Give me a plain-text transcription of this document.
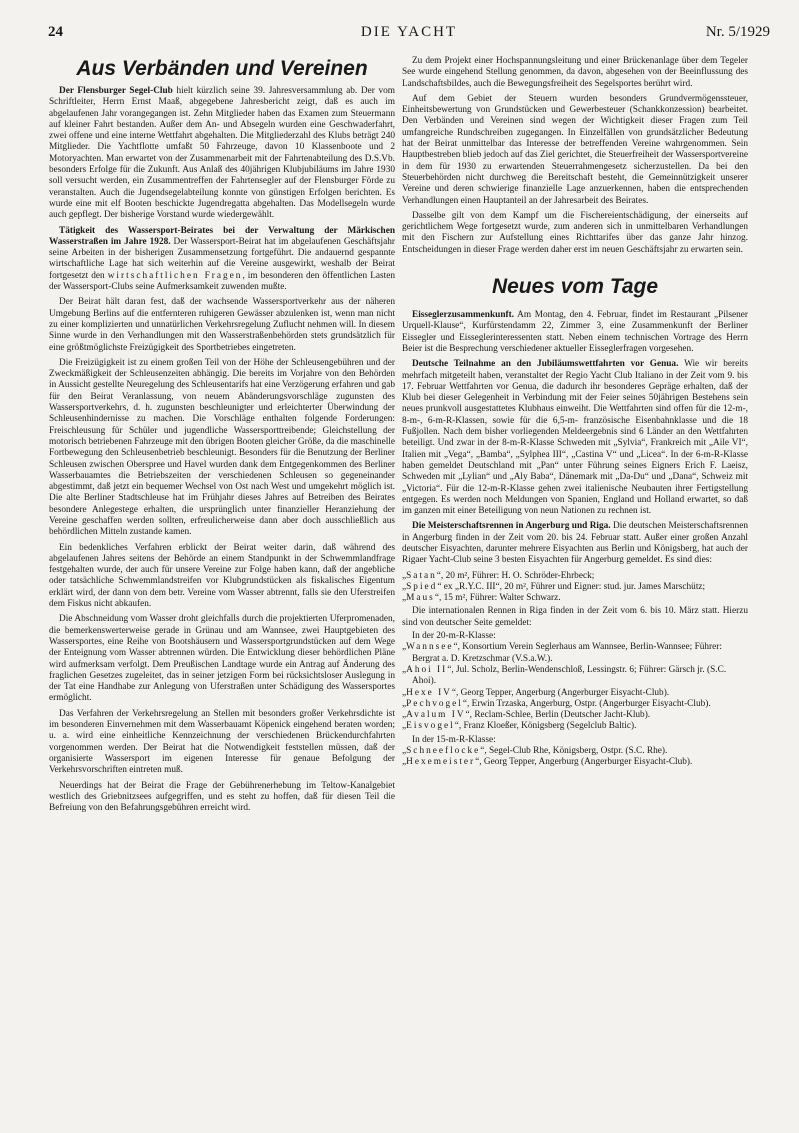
24	DIE YACHT	Nr. 5/1929
Aus Verbänden und Vereinen

Der Flensburger Segel-Club hielt kürzlich seine 39. Jahresversammlung ab. Der vom Schriftleiter, Herrn Ernst Maaß, abgegebene Jahresbericht zeigt, daß es auch im abgelaufenen Jahr vorangegangen ist. Zehn Mitglieder haben das Examen zum Steuermann auf kleiner Fahrt bestanden. Außer dem An- und Absegeln wurden eine Geschwaderfahrt, zwei offene und eine interne Wettfahrt abgehalten. Die Mitgliederzahl des Klubs beträgt 240 Mitglieder. Die Yachtflotte umfaßt 50 Fahrzeuge, davon 10 Klassenboote und 2 Motoryachten. Man erwartet von der Zusammenarbeit mit der Fahrtenabteilung des D.S.Vb. besonders Erfolge für die Zukunft. Aus Anlaß des 40jährigen Klubjubiläums im Jahre 1930 soll versucht werden, ein Zusammentreffen der Fahrtensegler auf der Flensburger Förde zu veranstalten. Auch die Jugendsegelabteilung konnte von günstigen Erfolgen berichten. Es wurde eine mit elf Booten beschickte Jugendregatta abgehalten. Das Modellsegeln wurde auch gepflegt. Der bisherige Vorstand wurde wiedergewählt.

Tätigkeit des Wassersport-Beirates bei der Verwaltung der Märkischen Wasserstraßen im Jahre 1928. Der Wassersport-Beirat hat im abgelaufenen Geschäftsjahr seine Arbeiten in der bisherigen Zusammensetzung fortgeführt. Die andauernd gespannte wirtschaftliche Lage hat sich weiterhin auf die Vereine ausgewirkt, weshalb der Beirat fortgesetzt den wirtschaftlichen Fragen, im besonderen den öffentlichen Lasten der Wassersport-Clubs seine Aufmerksamkeit zuwenden mußte.

Der Beirat hält daran fest, daß der wachsende Wassersportverkehr aus der näheren Umgebung Berlins auf die entfernteren ruhigeren Gewässer abzulenken ist, wenn man nicht zu einer komplizierten und unnatürlichen Verkehrsregelung Zuflucht nehmen will. In diesem Sinne wurde in den Verhandlungen mit den Wasserstraßenbehörden stets grundsätzlich für eine größtmöglichste Freizügigkeit des Sportbetriebes eingetreten.

Die Freizügigkeit ist zu einem großen Teil von der Höhe der Schleusengebühren und der Zweckmäßigkeit der Schleusenzeiten abhängig. Die bereits im Vorjahre von den Behörden in Aussicht gestellte Neuregelung des Schleusentarifs hat eine Verzögerung erfahren und gab für den Beirat Veranlassung, von neuem Abänderungsvorschläge zugunsten des Wassersportverkehrs, d. h. zugunsten beschleunigter und erleichterter Überwindung der Schleusenhindernisse zu machen. Die Vorschläge enthalten folgende Forderungen: Freischleusung für Schüler und jugendliche Wassersporttreibende; Gleichstellung der motorisch betriebenen Fahrzeuge mit den übrigen Booten gleicher Größe, da die maschinelle Fortbewegung den Schleusenbetrieb beschleunigt. Besonders für die Benutzung der Berliner Schleusen zwischen Oberspree und Havel wurden dank dem Entgegenkommen des Berliner Wasserbauamtes die Betriebszeiten der verschiedenen Schleusen so gegeneinander abgestimmt, daß jetzt ein bequemer Wechsel von Ost nach West und umgekehrt möglich ist. Die alte Berliner Stadtschleuse hat im Frühjahr dieses Jahres auf Betreiben des Beirates besondere Anlegestege erhalten, die ursprünglich unter finanzieller Heranziehung der Vereine geschaffen werden sollten, erfreulicherweise dann aber doch ausschließlich aus behördlichen Mitteln zustande kamen.

Ein bedenkliches Verfahren erblickt der Beirat weiter darin, daß während des abgelaufenen Jahres seitens der Behörde an einem Standpunkt in der Schwemmlandfrage festgehalten wurde, der auch für unsere Vereine zur Folge haben kann, daß der angebliche oder tatsächliche Schwemmlandstreifen vor Klubgrundstücken als fiskalisches Eigentum erklärt wird, der dann von dem betr. Vereine vom Wasser abtrennt, falls sie den Uferstreifen dem Fiskus nicht abkaufen.

Die Abschneidung vom Wasser droht gleichfalls durch die projektierten Uferpromenaden, die bemerkenswerterweise gerade in Grünau und am Wannsee, zwei Hauptgebieten des Wassersportes, eine Reihe von Bootshäusern und Wassersportgrundstücken auf dem Wege der Enteignung vom Wasser abtrennen würden. Die Entwicklung dieser behördlichen Pläne wird aufmerksam verfolgt. Dem Preußischen Landtage wurde ein Antrag auf Änderung des fraglichen Gesetzes zugeleitet, das in seiner jetzigen Form bei rücksichtsloser Auslegung in der Tat eine Handhabe zur Anlegung von Uferstraßen unter Schädigung des Wassersportes ermöglicht.

Das Verfahren der Verkehrsregelung an Stellen mit besonders großer Verkehrsdichte ist im besonderen Einvernehmen mit dem Wasserbauamt Köpenick eingehend beraten worden; u. a. wird eine einheitliche Kennzeichnung der verschiedenen Brückendurchfahrten vorgenommen werden. Der Beirat hat die Notwendigkeit feststellen müssen, daß der organisierte Wassersport im eigenen Interesse für genaue Befolgung der Verkehrsvorschriften eintreten muß.

Neuerdings hat der Beirat die Frage der Gebührenerhebung im Teltow-Kanalgebiet westlich des Griebnitzsees aufgegriffen, und es steht zu hoffen, daß für diesen Teil die Befreiung von den Befahrungsgebühren erreicht wird.

Zu dem Projekt einer Hochspannungsleitung und einer Brückenanlage über dem Tegeler See wurde eingehend Stellung genommen, da davon, abgesehen von der Beeinflussung des Landschaftsbildes, auch die Bewegungsfreiheit des Segelsportes berührt wird.

Auf dem Gebiet der Steuern wurden besonders Grundvermögenssteuer, Einheitsbewertung von Grundstücken und Gewerbesteuer (Schankkonzession) bearbeitet. Den Verbänden und Vereinen sind wegen der Wichtigkeit dieser Fragen zum Teil umfangreiche Rundschreiben zugegangen. In Einzelfällen von grundsätzlicher Bedeutung hat der Beirat unmittelbar das Interesse der betreffenden Vereine wahrgenommen. Sein Hauptbestreben blieb jedoch auf das Ziel gerichtet, die Steuerfreiheit der Wassersportvereine in dem für 1930 zu erwartenden Steuerrahmengesetz sicherzustellen. Da bei den Steuerbehörden nicht durchweg die Bereitschaft besteht, die Gemeinnützigkeit unserer Vereine und deren schwierige finanzielle Lage anzuerkennen, haben die entsprechenden Verhandlungen einen Hauptanteil an der Jahresarbeit des Beirates.

Dasselbe gilt von dem Kampf um die Fischereientschädigung, der einerseits auf gerichtlichem Wege fortgesetzt wurde, zum anderen sich in unmittelbaren Verhandlungen mit den Fischern zur Aufstellung eines Richttarifes über das ganze Jahr hinzog. Entscheidungen in dieser Frage werden daher erst im neuen Geschäftsjahr zu erwarten sein.

Neues vom Tage

Eisseglerzusammenkunft. Am Montag, den 4. Februar, findet im Restaurant „Pilsener Urquell-Klause“, Kurfürstendamm 22, Zimmer 3, eine Zusammenkunft der Berliner Eissegler und Eisseglerinteressenten statt. Neben einem technischen Vortrage des Herrn Beier ist die Besprechung verschiedener aktueller Eisseglerfragen vorgesehen.

Deutsche Teilnahme an den Jubiläumswettfahrten vor Genua. Wie wir bereits mehrfach mitgeteilt haben, veranstaltet der Regio Yacht Club Italiano in der Zeit vom 9. bis 17. Februar Wettfahrten vor Genua, die dadurch ihr besonderes Gepräge erhalten, daß der Klub bei dieser Gelegenheit in Verbindung mit der Feier seines 50jährigen Bestehens sein neues prunkvoll ausgestattetes Klubhaus einweiht. Die Wettfahrten sind offen für die 12-m-, 8-m-, 6-m-R-Klassen, sowie für die 6,5-m- französische Eisenbahnklasse und die 18 Fußjollen. Nach dem bisher vorliegenden Meldeergebnis sind 6 Länder an den Wettfahrten beteiligt. Und zwar in der 8-m-R-Klasse Schweden mit „Sylvia“, Frankreich mit „Aile VI“, Italien mit „Vega“, „Bamba“, „Sylphea III“, „Castina V“ und „Licea“. In der 6-m-R-Klasse haben gemeldet Deutschland mit „Pan“ unter Führung seines Eigners Erich F. Laeisz, Schweden mit „Lylian“ und „Aly Baba“, Dänemark mit „Da-Du“ und „Dana“, Schweiz mit „Victoria“. Für die 12-m-R-Klasse gehen zwei italienische Neubauten ihrer Fertigstellung entgegen. Es werden noch Meldungen von Spanien, England und Holland erwartet, so daß im ganzen mit einer Beteiligung von neun Nationen zu rechnen ist.

Die Meisterschaftsrennen in Angerburg und Riga. Die deutschen Meisterschaftsrennen in Angerburg finden in der Zeit vom 20. bis 24. Februar statt. Außer einer großen Anzahl deutscher Eisyachten, darunter mehrere Eisyachten aus Berlin und Königsberg, hat auch der Rigaer Yacht-Club seine 3 besten Eisyachten für Angerburg gemeldet. Es sind dies:

„Satan“, 20 m², Führer: H. O. Schröder-Ehrbeck;

„Spied“ ex „R.Y.C. III“, 20 m², Führer und Eigner: stud. jur. James Marschütz;

„Maus“, 15 m², Führer: Walter Schwarz.

Die internationalen Rennen in Riga finden in der Zeit vom 6. bis 10. März statt. Hierzu sind von deutscher Seite gemeldet:

In der 20-m-R-Klasse:

„Wannsee“, Konsortium Verein Seglerhaus am Wannsee, Berlin-Wannsee; Führer: Bergrat a. D. Kretzschmar (V.S.a.W.).

„Ahoi II“, Jul. Scholz, Berlin-Wendenschloß, Lessingstr. 6; Führer: Gärsch jr. (S.C. Ahoi).

„Hexe IV“, Georg Tepper, Angerburg (Angerburger Eisyacht-Club).

„Pechvogel“, Erwin Trzaska, Angerburg, Ostpr. (Angerburger Eisyacht-Club).

„Avalum IV“, Reclam-Schlee, Berlin (Deutscher Jacht-Klub).

„Eisvogel“, Franz Kloeßer, Königsberg (Segelclub Baltic).

In der 15-m-R-Klasse:

„Schneeflocke“, Segel-Club Rhe, Königsberg, Ostpr. (S.C. Rhe).

„Hexemeister“, Georg Tepper, Angerburg (Angerburger Eisyacht-Club).
